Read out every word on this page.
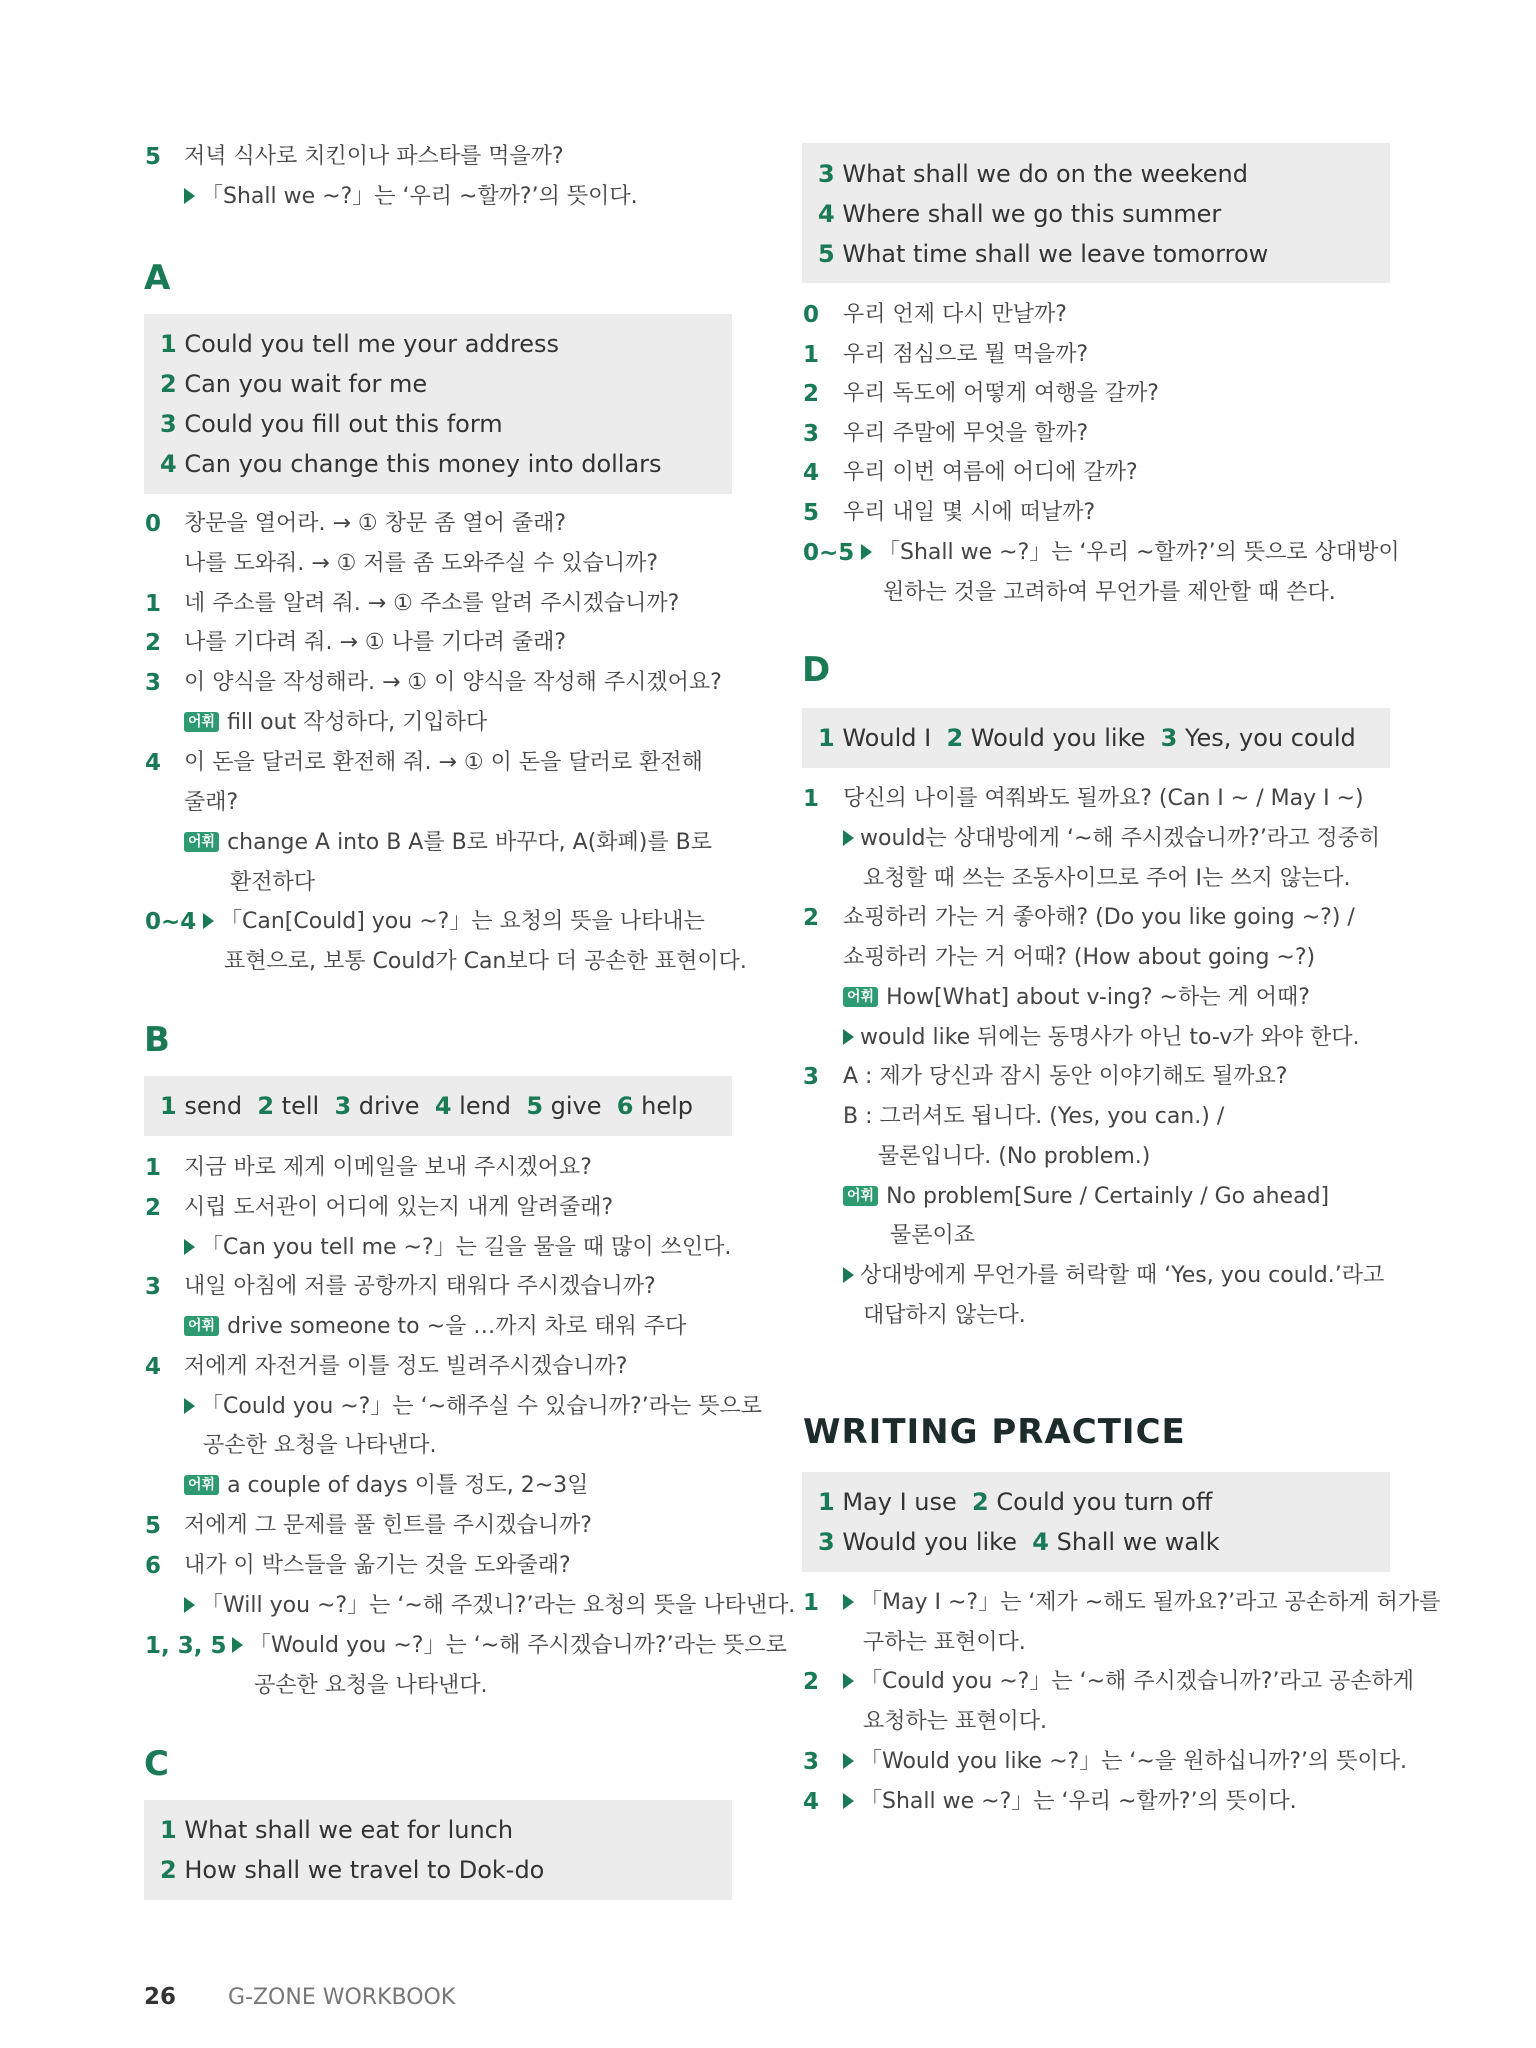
5 저녁 식사로 치킨이나 파스타를 먹을까?
「Shall we ~?」는 ‘우리 ~할까?’의 뜻이다.
A
1 Could you tell me your address
2 Can you wait for me
3 Could you fill out this form
4 Can you change this money into dollars
0 창문을 열어라. → ① 창문 좀 열어 줄래?
나를 도와줘. → ① 저를 좀 도와주실 수 있습니까?
1 네 주소를 알려 줘. → ① 주소를 알려 주시겠습니까?
2 나를 기다려 줘. → ① 나를 기다려 줄래?
3 이 양식을 작성해라. → ① 이 양식을 작성해 주시겠어요?
어휘 fill out 작성하다, 기입하다
4 이 돈을 달러로 환전해 줘. → ① 이 돈을 달러로 환전해
줄래?
어휘 change A into B A를 B로 바꾸다, A(화폐)를 B로
환전하다
0~4	「Can[Could] you ~?」는 요청의 뜻을 나타내는
표현으로, 보통 Could가 Can보다 더 공손한 표현이다.
B
1 send 2 tell 3 drive 4 lend 5 give 6 help
1 지금 바로 제게 이메일을 보내 주시겠어요?
2 시립 도서관이 어디에 있는지 내게 알려줄래?
「Can you tell me ~?」는 길을 물을 때 많이 쓰인다.
3 내일 아침에 저를 공항까지 태워다 주시겠습니까?
어휘 drive someone to ~을 …까지 차로 태워 주다
4 저에게 자전거를 이틀 정도 빌려주시겠습니까?
「Could you ~?」는 ‘~해주실 수 있습니까?’라는 뜻으로
공손한 요청을 나타낸다.
어휘 a couple of days 이틀 정도, 2~3일
5 저에게 그 문제를 풀 힌트를 주시겠습니까?
6 내가 이 박스들을 옮기는 것을 도와줄래?
「Will you ~?」는 ‘~해 주겠니?’라는 요청의 뜻을 나타낸다.
1, 3, 5	「Would you ~?」는 ‘~해 주시겠습니까?’라는 뜻으로
공손한 요청을 나타낸다.
C
1 What shall we eat for lunch
2 How shall we travel to Dok-do
3 What shall we do on the weekend
4 Where shall we go this summer
5 What time shall we leave tomorrow
0 우리 언제 다시 만날까?
1 우리 점심으로 뭘 먹을까?
2 우리 독도에 어떻게 여행을 갈까?
3 우리 주말에 무엇을 할까?
4 우리 이번 여름에 어디에 갈까?
5 우리 내일 몇 시에 떠날까?
0~5	「Shall we ~?」는 ‘우리 ~할까?’의 뜻으로 상대방이
원하는 것을 고려하여 무언가를 제안할 때 쓴다.
D
1 Would I 2 Would you like 3 Yes, you could
1 당신의 나이를 여쭤봐도 될까요? (Can I ~ / May I ~)
would는 상대방에게 ‘~해 주시겠습니까?’라고 정중히
요청할 때 쓰는 조동사이므로 주어 I는 쓰지 않는다.
2 쇼핑하러 가는 거 좋아해? (Do you like going ~?) /
쇼핑하러 가는 거 어때? (How about going ~?)
어휘 How[What] about v-ing? ~하는 게 어때?
would like 뒤에는 동명사가 아닌 to-v가 와야 한다.
3 A : 제가 당신과 잠시 동안 이야기해도 될까요?
B : 그러셔도 됩니다. (Yes, you can.) /
물론입니다. (No problem.)
어휘 No problem[Sure / Certainly / Go ahead]
물론이죠
상대방에게 무언가를 허락할 때 ‘Yes, you could.’라고
대답하지 않는다.
WRITING PRACTICE
1 May I use 2 Could you turn off
3 Would you like 4 Shall we walk
1	「May I ~?」는 ‘제가 ~해도 될까요?’라고 공손하게 허가를
구하는 표현이다.
2	「Could you ~?」는 ‘~해 주시겠습니까?’라고 공손하게
요청하는 표현이다.
3	「Would you like ~?」는 ‘~을 원하십니까?’의 뜻이다.
4	「Shall we ~?」는 ‘우리 ~할까?’의 뜻이다.
26 G-ZONE WORKBOOK
